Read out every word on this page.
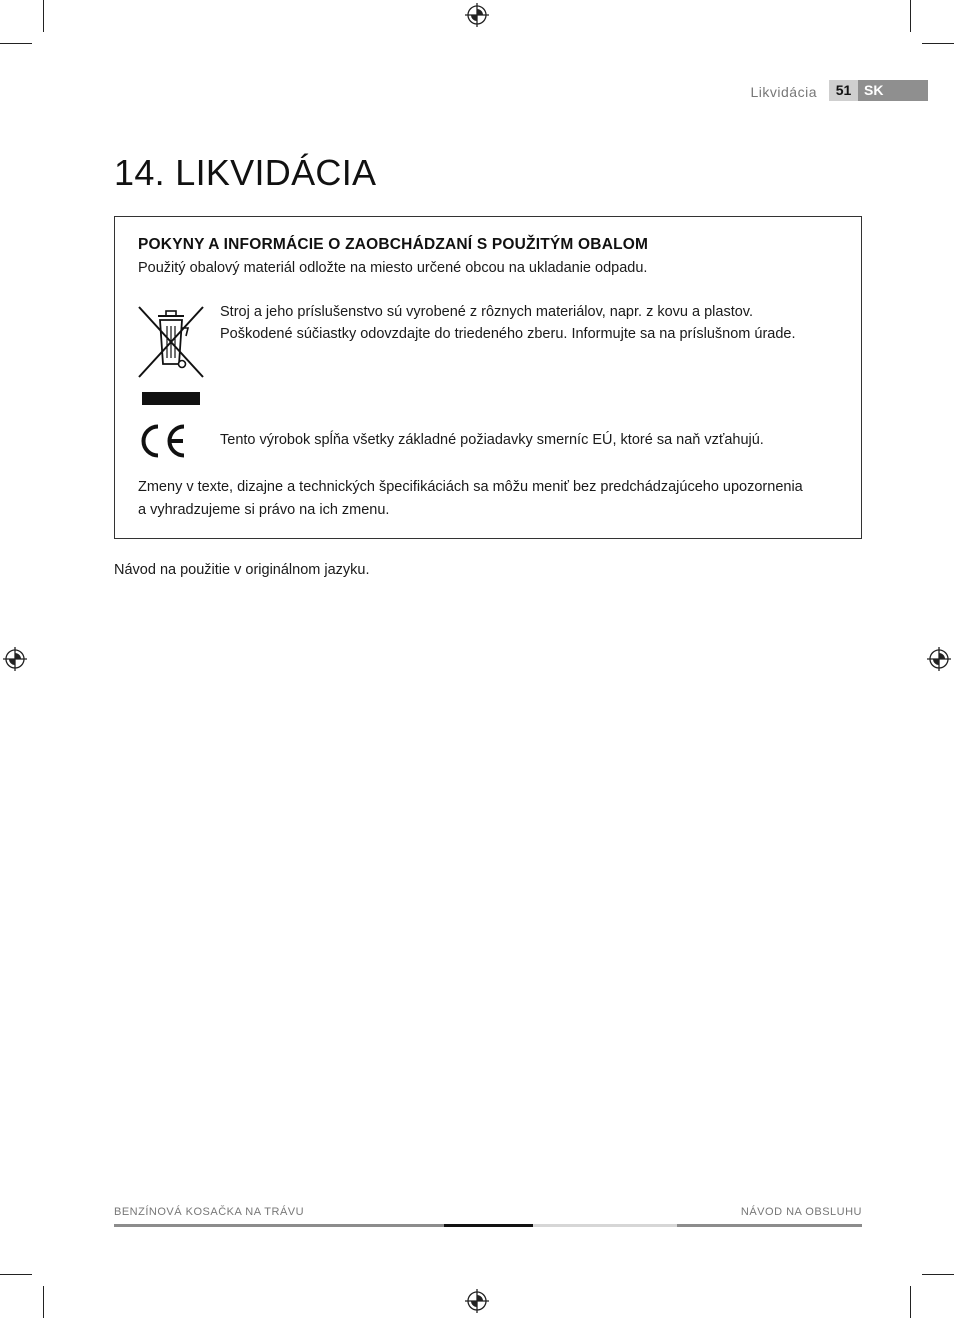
Likvidácia	51 SK
14. LIKVIDÁCIA
POKYNY A INFORMÁCIE O ZAOBCHÁDZANÍ S POUŽITÝM OBALOM
Použitý obalový materiál odložte na miesto určené obcou na ukladanie odpadu.
Stroj a jeho príslušenstvo sú vyrobené z rôznych materiálov, napr. z kovu a plastov.
Poškodené súčiastky odovzdajte do triedeného zberu. Informujte sa na príslušnom úrade.
Tento výrobok spĺňa všetky základné požiadavky smerníc EÚ, ktoré sa naň vzťahujú.
Zmeny v texte, dizajne a technických špecifikáciách sa môžu meniť bez predchádzajúceho upozornenia
a vyhradzujeme si právo na ich zmenu.
Návod na použitie v originálnom jazyku.
BENZÍNOVÁ KOSAČKA NA TRÁVU	NÁVOD NA OBSLUHU
